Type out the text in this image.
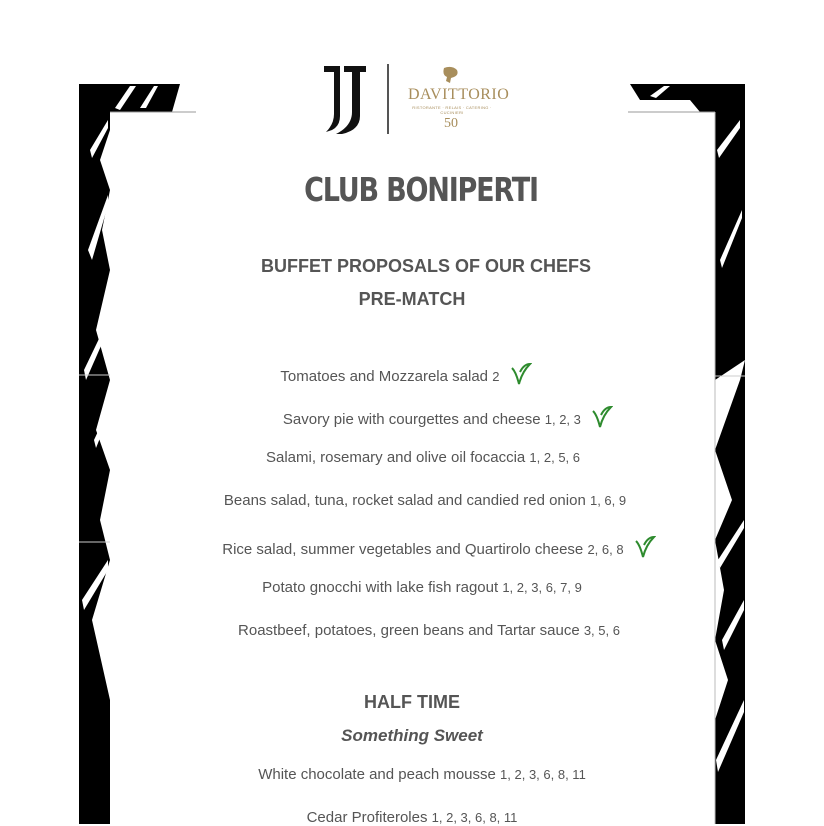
DAVITTORIO
RISTORANTE · RELAIS · CATERING · CUCINIERI
50
CLUB BONIPERTI
BUFFET PROPOSALS OF OUR CHEFS
PRE-MATCH
Tomatoes and Mozzarela salad 2
Savory pie with courgettes and cheese 1, 2, 3
Salami, rosemary and olive oil focaccia 1, 2, 5, 6
Beans salad, tuna, rocket salad and candied red onion 1, 6, 9
Rice salad, summer vegetables and Quartirolo cheese 2, 6, 8
Potato gnocchi with lake fish ragout 1, 2, 3, 6, 7, 9
Roastbeef, potatoes, green beans and Tartar sauce 3, 5, 6
HALF TIME
Something Sweet
White chocolate and peach mousse 1, 2, 3, 6, 8, 11
Cedar Profiteroles 1, 2, 3, 6, 8, 11
